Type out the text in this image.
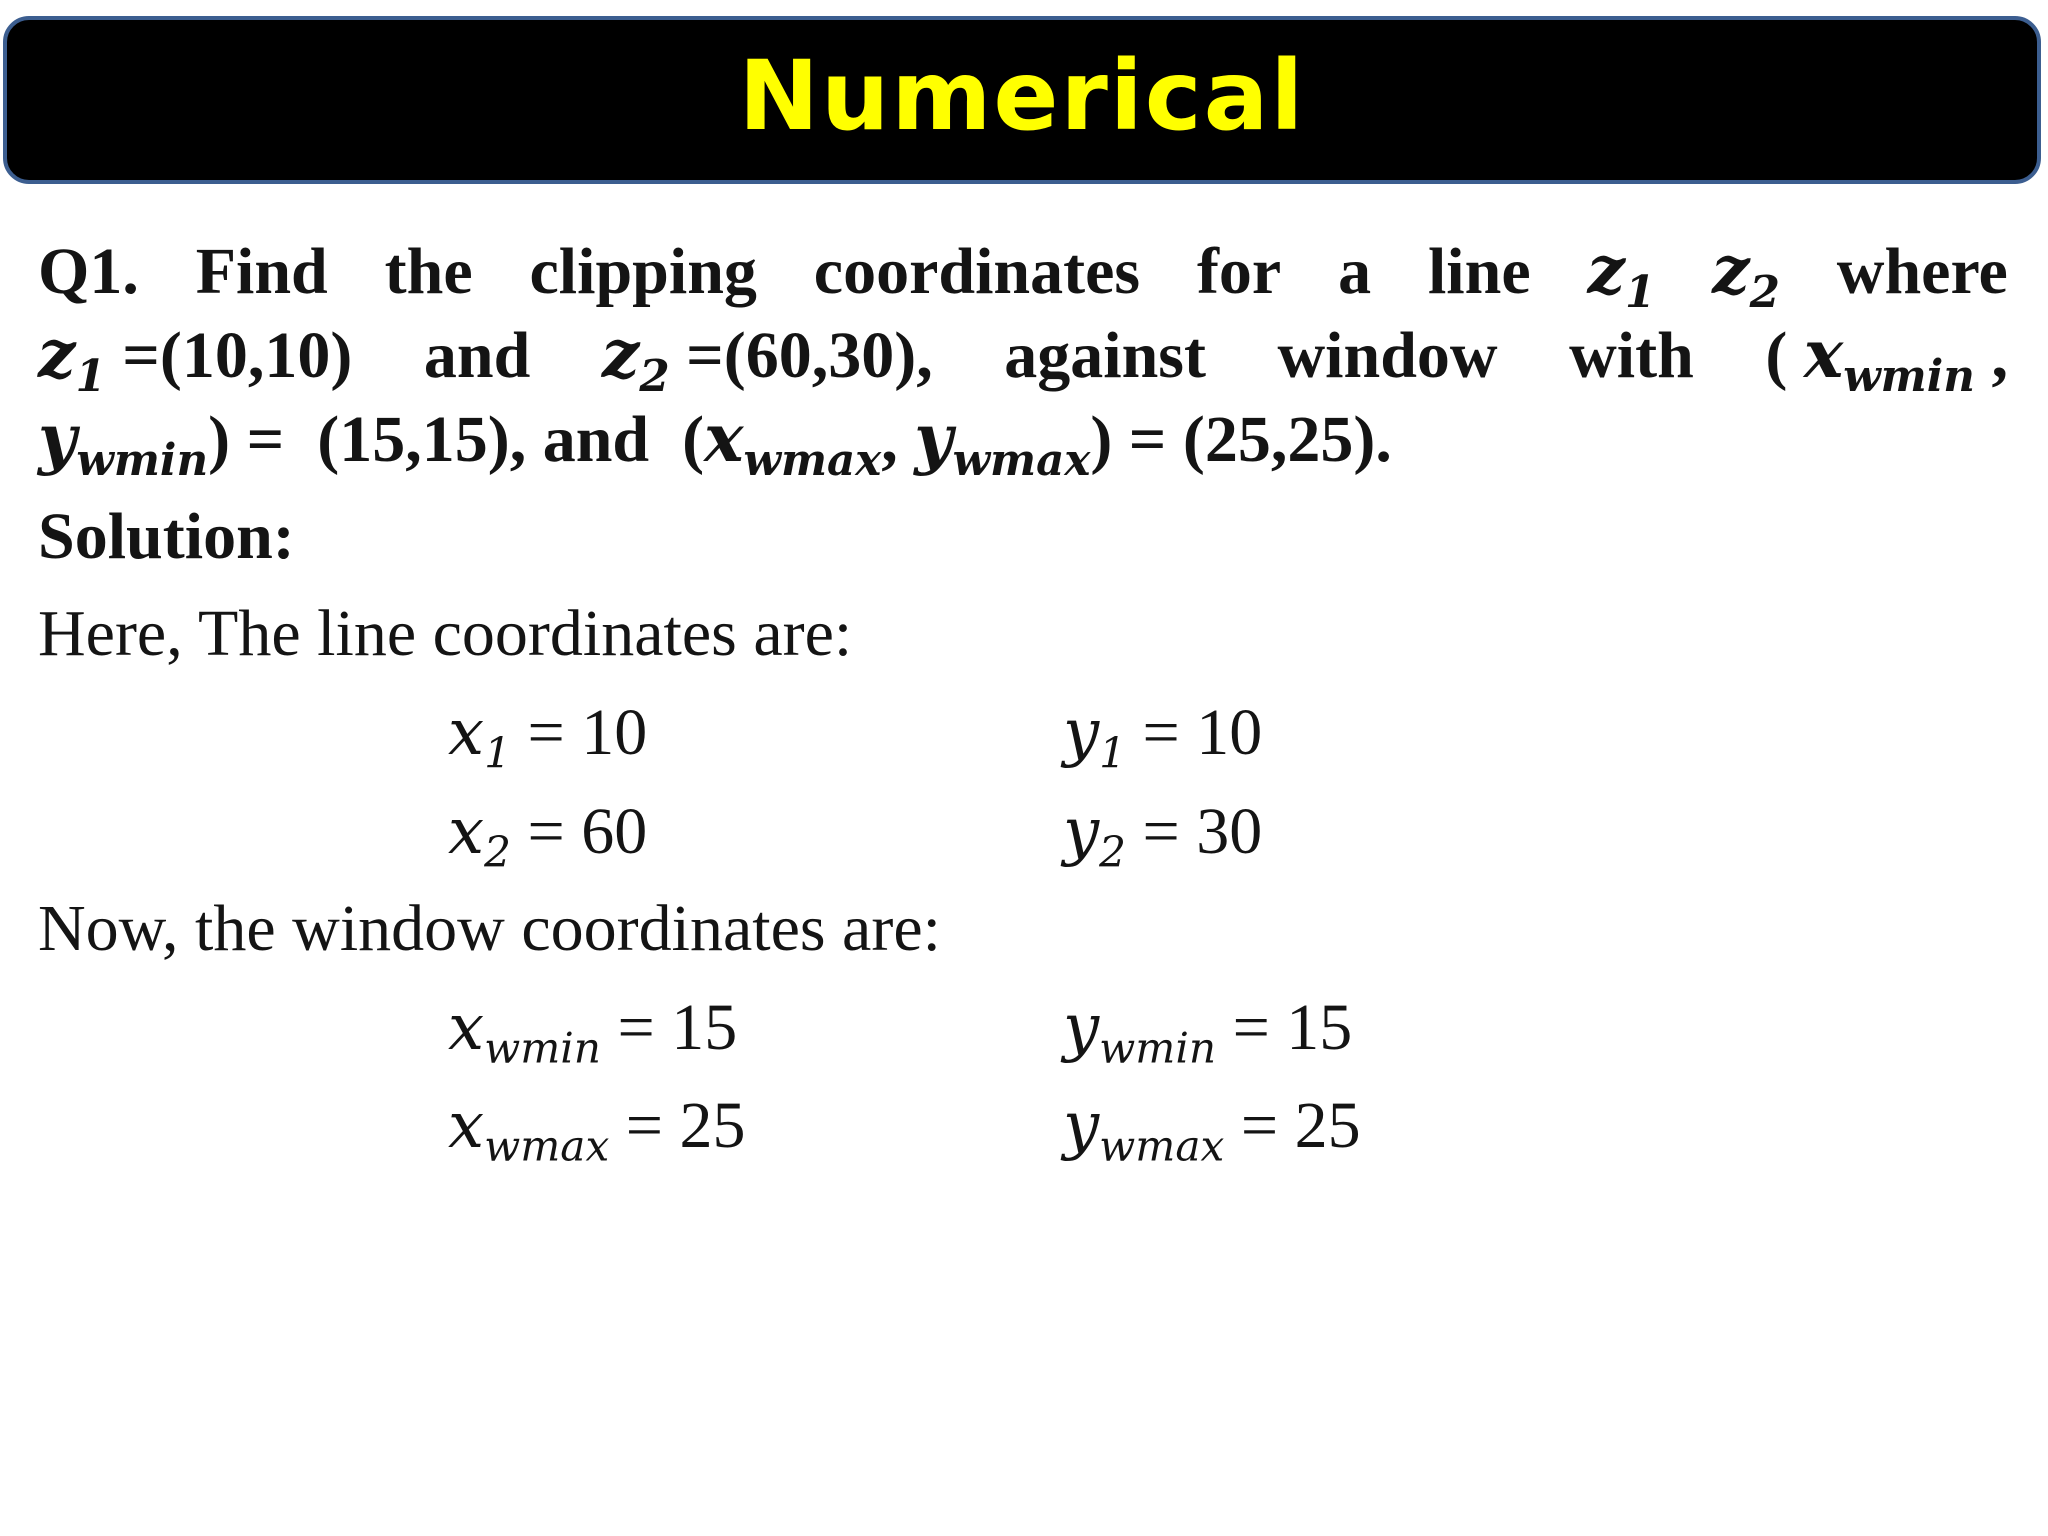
Numerical
Q1. Find the clipping coordinates for a line $z_1$ $z_2$ where
$z_1 =(10,10)$ and $z_2 =(60,30)$, against window with ( $x_{wmin}$ ,
$y_{wmin}) = (15,15)$, and  ($x_{wmax}$, $y_{wmax}) = (25,25)$.
Solution:
Here, The line coordinates are:
$x_1 = 10$	$y_1 = 10$
$x_2 = 60$	$y_2 = 30$
Now, the window coordinates are:
$x_{wmin} = 15$	$y_{wmin} = 15$
$x_{wmax} = 25$	$y_{wmax} = 25$
